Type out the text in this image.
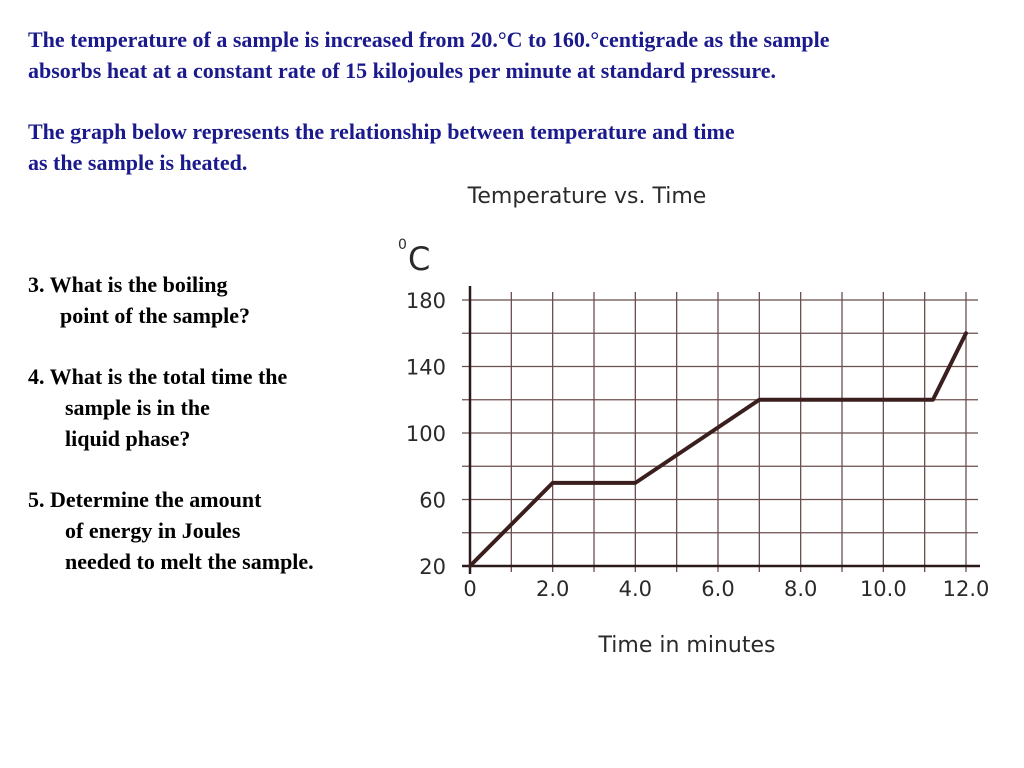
The temperature of a sample is increased from 20.°C to 160.°centigrade as the sample

absorbs heat at a constant rate of 15 kilojoules per minute at standard pressure.

The graph below represents the relationship between temperature and time

as the sample is heated.

3. What is the boiling
point of the sample?
4. What is the total time the
sample is in the
liquid phase?
5. Determine the amount
of energy in Joules
needed to melt the sample.
Temperature vs. Time
0 C
20
60
100
140
180
0	2.0 4.0 6.0 8.0 10.0 12.0
Time in minutes
